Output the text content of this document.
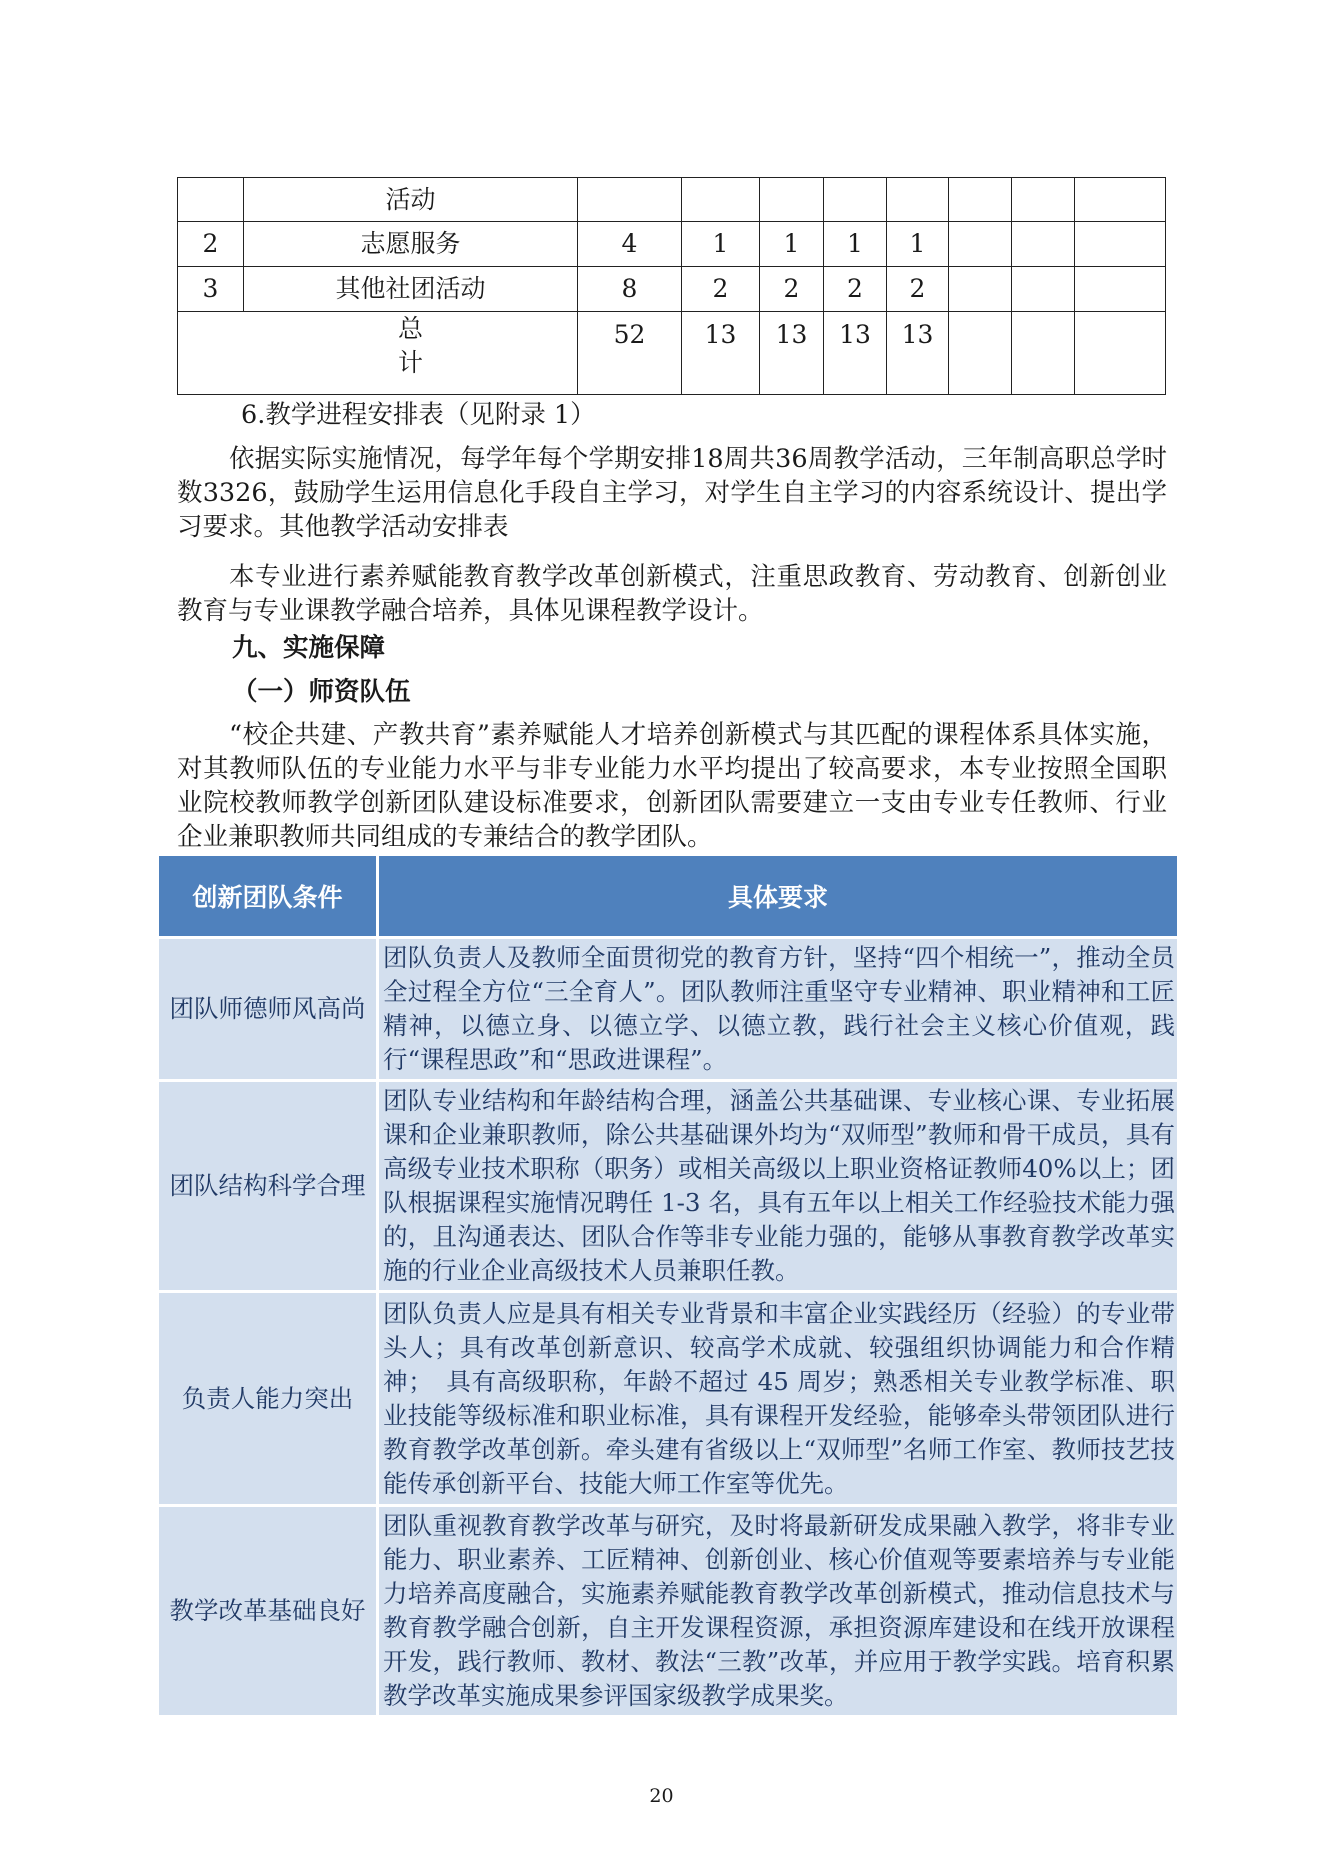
	活动								
2	志愿服务	4	1	1	1	1			
3	其他社团活动	8	2	2	2	2			

总
计		52	13	13	13	13			

6.教学进程安排表（见附录 1）

依据实际实施情况，每学年每个学期安排18周共36周教学活动，三年制高职总学时数3326，鼓励学生运用信息化手段自主学习，对学生自主学习的内容系统设计、提出学习要求。其他教学活动安排表

本专业进行素养赋能教育教学改革创新模式，注重思政教育、劳动教育、创新创业教育与专业课教学融合培养，具体见课程教学设计。

九、实施保障

（一）师资队伍

“校企共建、产教共育”素养赋能人才培养创新模式与其匹配的课程体系具体实施，对其教师队伍的专业能力水平与非专业能力水平均提出了较高要求，本专业按照全国职业院校教师教学创新团队建设标准要求，创新团队需要建立一支由专业专任教师、行业企业兼职教师共同组成的专兼结合的教学团队。

创新团队条件	具体要求
团队师德师风高尚	团队负责人及教师全面贯彻党的教育方针，坚持“四个相统一”，推动全员全过程全方位“三全育人”。团队教师注重坚守专业精神、职业精神和工匠精神，以德立身、以德立学、以德立教，践行社会主义核心价值观，践行“课程思政”和“思政进课程”。
团队结构科学合理	团队专业结构和年龄结构合理，涵盖公共基础课、专业核心课、专业拓展课和企业兼职教师，除公共基础课外均为“双师型”教师和骨干成员，具有高级专业技术职称（职务）或相关高级以上职业资格证教师40%以上；团队根据课程实施情况聘任 1-3 名，具有五年以上相关工作经验技术能力强的，且沟通表达、团队合作等非专业能力强的，能够从事教育教学改革实施的行业企业高级技术人员兼职任教。
负责人能力突出	团队负责人应是具有相关专业背景和丰富企业实践经历（经验）的专业带头人；具有改革创新意识、较高学术成就、较强组织协调能力和合作精神；　具有高级职称，年龄不超过 45 周岁；熟悉相关专业教学标准、职业技能等级标准和职业标准，具有课程开发经验，能够牵头带领团队进行教育教学改革创新。牵头建有省级以上“双师型”名师工作室、教师技艺技能传承创新平台、技能大师工作室等优先。
教学改革基础良好	团队重视教育教学改革与研究，及时将最新研发成果融入教学，将非专业能力、职业素养、工匠精神、创新创业、核心价值观等要素培养与专业能力培养高度融合，实施素养赋能教育教学改革创新模式，推动信息技术与教育教学融合创新，自主开发课程资源，承担资源库建设和在线开放课程开发，践行教师、教材、教法“三教”改革，并应用于教学实践。培育积累教学改革实施成果参评国家级教学成果奖。
20
